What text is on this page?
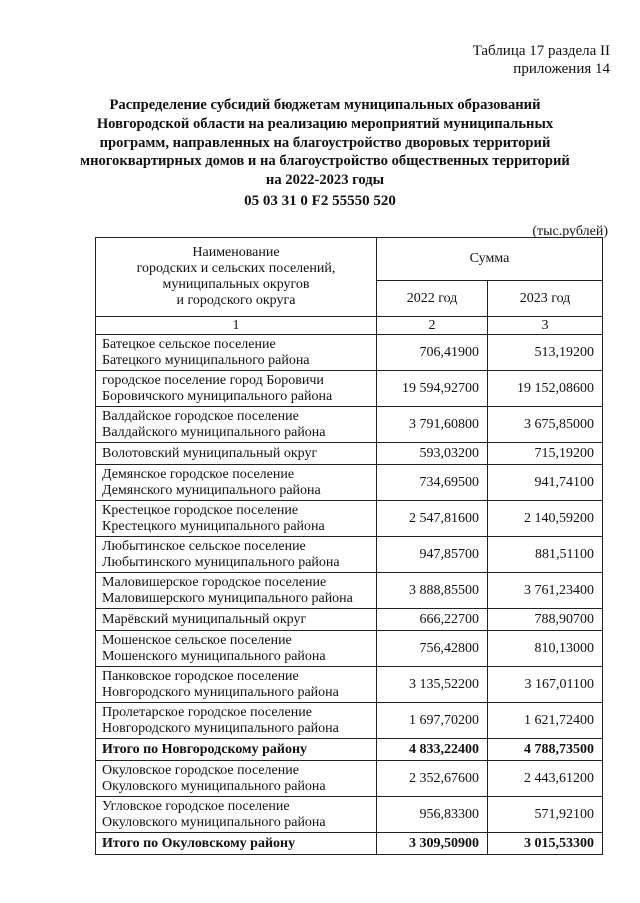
Таблица 17 раздела II
приложения 14
Распределение субсидий бюджетам муниципальных образований
Новгородской области на реализацию мероприятий муниципальных
программ, направленных на благоустройство дворовых территорий
многоквартирных домов и на благоустройство общественных территорий
на 2022-2023 годы
05 03 31 0 F2 55550 520
(тыс.рублей)
Наименование
городских и сельских поселений,
муниципальных округов
и городского округа	Сумма	
	2022 год	2023 год
1	2	3

Батецкое сельское поселение
Батецкого муниципального района	706,41900	513,19200

городское поселение город Боровичи
Боровичского муниципального района	19 594,92700	19 152,08600

Валдайское городское поселение
Валдайского муниципального района	3 791,60800	3 675,85000

Волотовский муниципальный округ	593,03200	715,19200

Демянское городское поселение
Демянского муниципального района	734,69500	941,74100

Крестецкое городское поселение
Крестецкого муниципального района	2 547,81600	2 140,59200

Любытинское сельское поселение
Любытинского муниципального района	947,85700	881,51100

Маловишерское городское поселение
Маловишерского муниципального района	3 888,85500	3 761,23400

Марёвский муниципальный округ	666,22700	788,90700

Мошенское сельское поселение
Мошенского муниципального района	756,42800	810,13000

Панковское городское поселение
Новгородского муниципального района	3 135,52200	3 167,01100

Пролетарское городское поселение
Новгородского муниципального района	1 697,70200	1 621,72400

Итого по Новгородскому району	4 833,22400	4 788,73500

Окуловское городское поселение
Окуловского муниципального района	2 352,67600	2 443,61200

Угловское городское поселение
Окуловского муниципального района	956,83300	571,92100

Итого по Окуловскому району	3 309,50900	3 015,53300
